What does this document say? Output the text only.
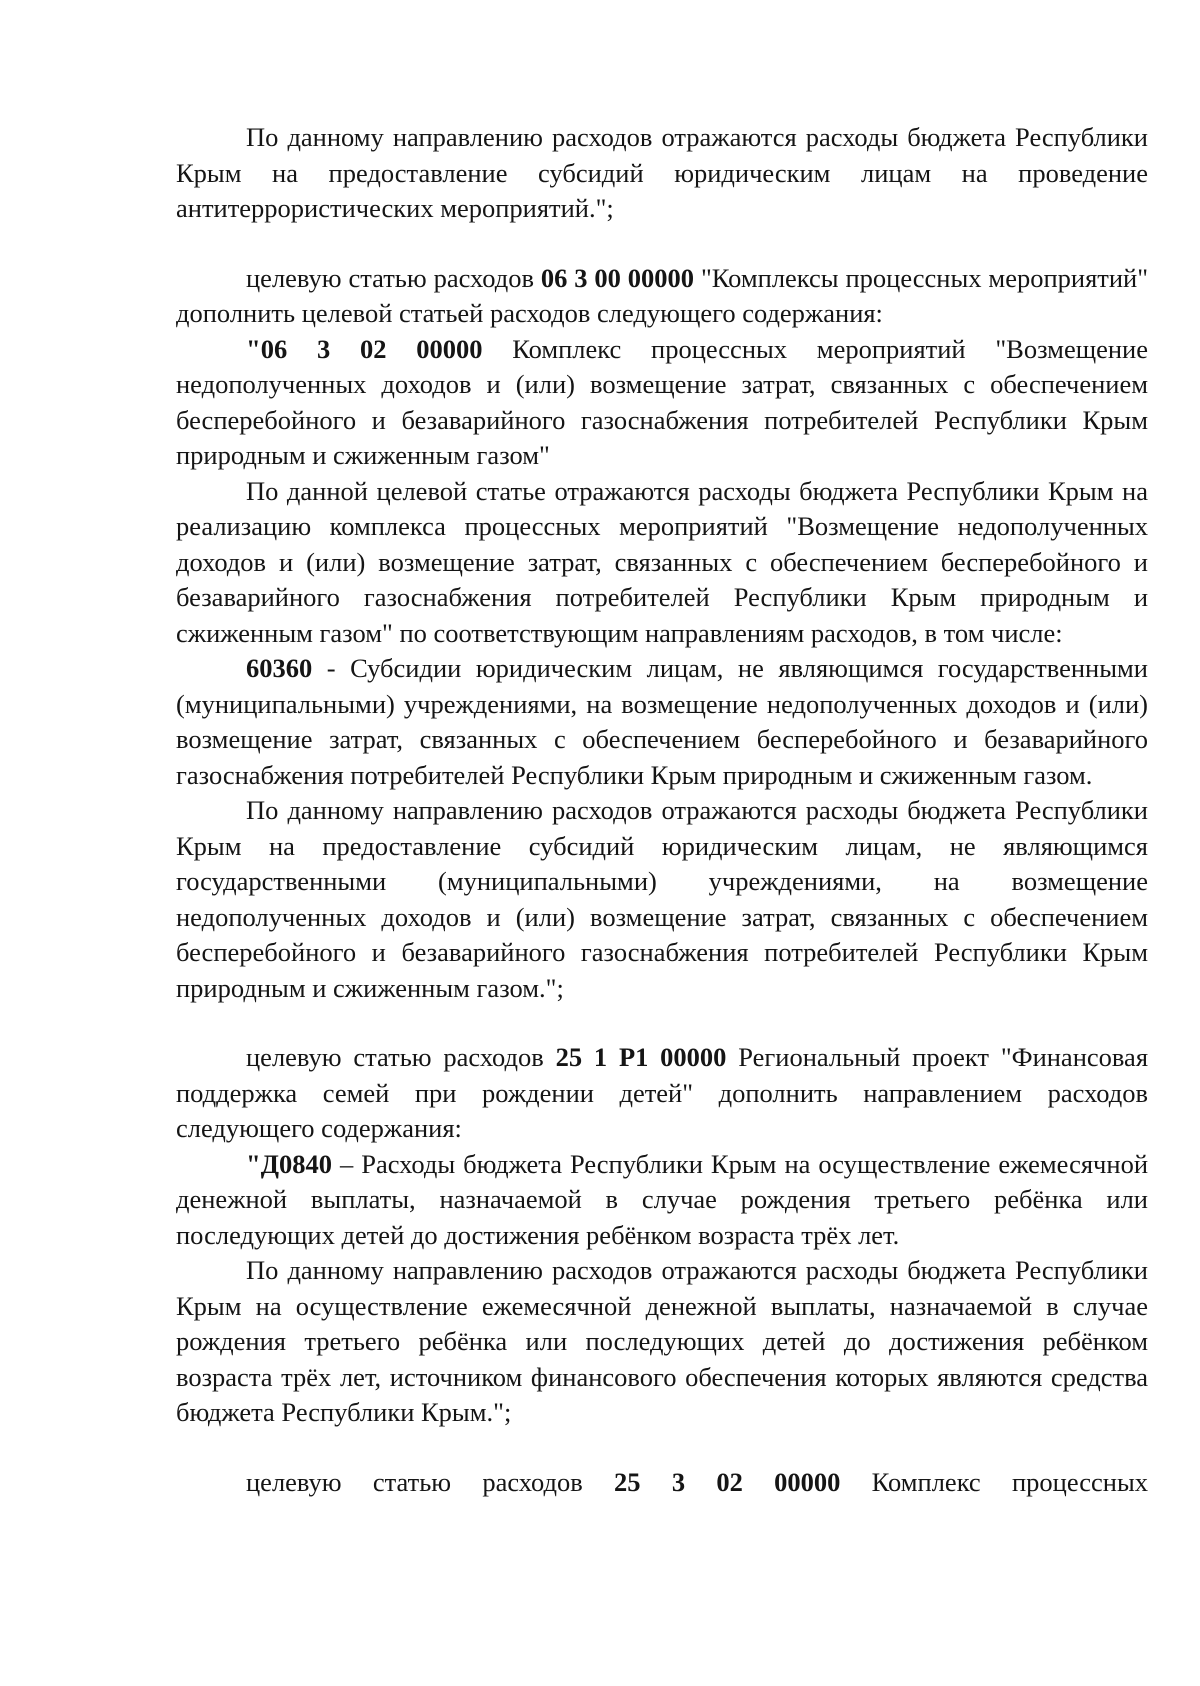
По данному направлению расходов отражаются расходы бюджета Республики Крым на предоставление субсидий юридическим лицам на проведение антитеррористических мероприятий.";

целевую статью расходов 06 3 00 00000 "Комплексы процессных мероприятий" дополнить целевой статьей расходов следующего содержания:

"06 3 02 00000 Комплекс процессных мероприятий "Возмещение недополученных доходов и (или) возмещение затрат, связанных с обеспечением бесперебойного и безаварийного газоснабжения потребителей Республики Крым природным и сжиженным газом"

По данной целевой статье отражаются расходы бюджета Республики Крым на реализацию комплекса процессных мероприятий "Возмещение недополученных доходов и (или) возмещение затрат, связанных с обеспечением бесперебойного и безаварийного газоснабжения потребителей Республики Крым природным и сжиженным газом" по соответствующим направлениям расходов, в том числе:

60360 - Субсидии юридическим лицам, не являющимся государственными (муниципальными) учреждениями, на возмещение недополученных доходов и (или) возмещение затрат, связанных с обеспечением бесперебойного и безаварийного газоснабжения потребителей Республики Крым природным и сжиженным газом.

По данному направлению расходов отражаются расходы бюджета Республики Крым на предоставление субсидий юридическим лицам, не являющимся государственными (муниципальными) учреждениями, на возмещение недополученных доходов и (или) возмещение затрат, связанных с обеспечением бесперебойного и безаварийного газоснабжения потребителей Республики Крым природным и сжиженным газом.";

целевую статью расходов 25 1 Р1 00000 Региональный проект "Финансовая поддержка семей при рождении детей" дополнить направлением расходов следующего содержания:

"Д0840 – Расходы бюджета Республики Крым на осуществление ежемесячной денежной выплаты, назначаемой в случае рождения третьего ребёнка или последующих детей до достижения ребёнком возраста трёх лет.

По данному направлению расходов отражаются расходы бюджета Республики Крым на осуществление ежемесячной денежной выплаты, назначаемой в случае рождения третьего ребёнка или последующих детей до достижения ребёнком возраста трёх лет, источником финансового обеспечения которых являются средства бюджета Республики Крым.";

целевую статью расходов 25 3 02 00000 Комплекс процессных
